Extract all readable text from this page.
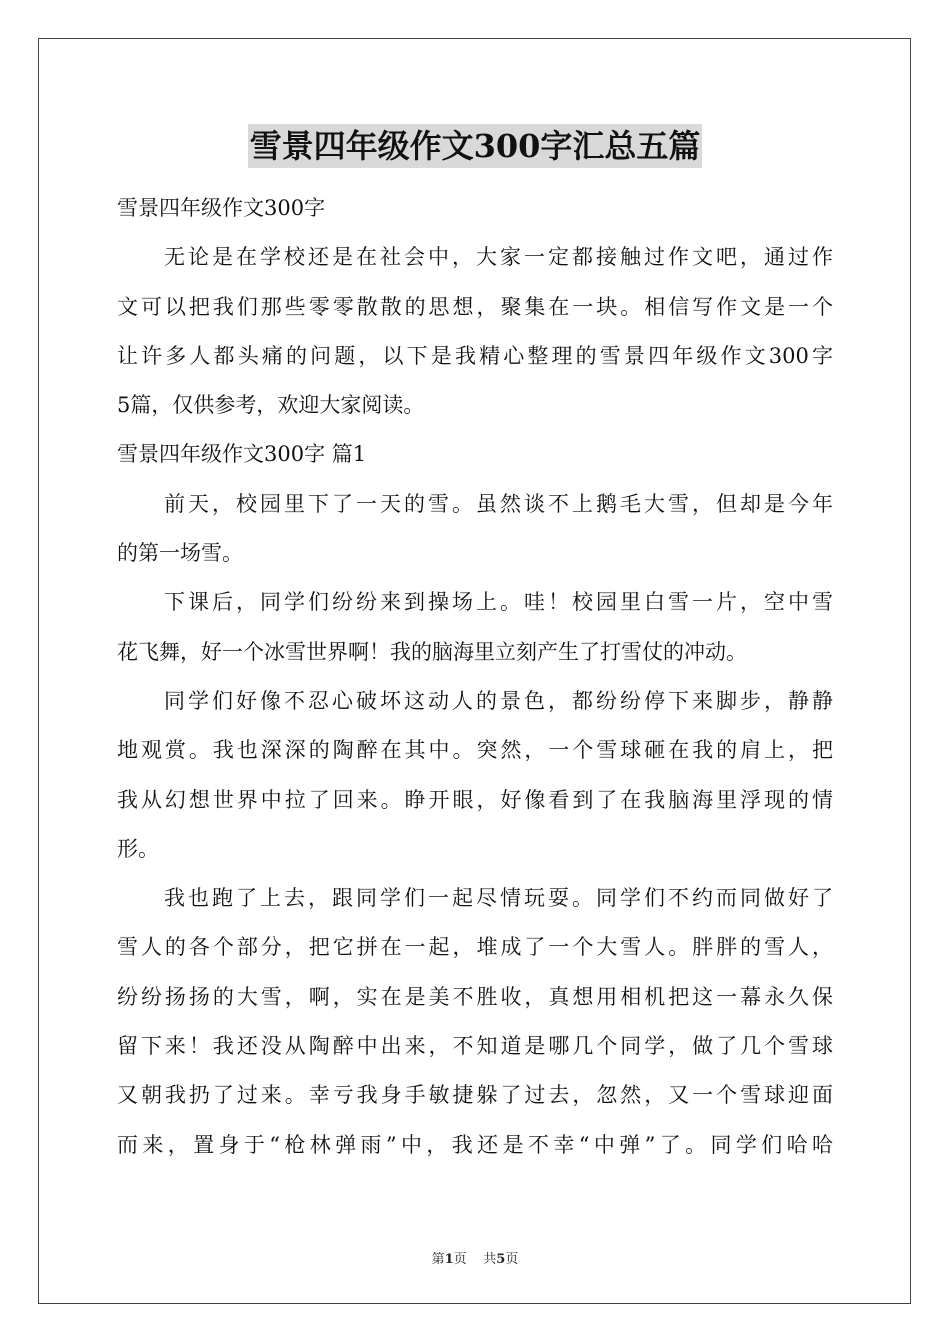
雪景四年级作文300字汇总五篇
雪景四年级作文300字
无论是在学校还是在社会中，大家一定都接触过作文吧，通过作
文可以把我们那些零零散散的思想，聚集在一块。相信写作文是一个
让许多人都头痛的问题，以下是我精心整理的雪景四年级作文300字
5篇，仅供参考，欢迎大家阅读。
雪景四年级作文300字 篇1
前天，校园里下了一天的雪。虽然谈不上鹅毛大雪，但却是今年
的第一场雪。
下课后，同学们纷纷来到操场上。哇！校园里白雪一片，空中雪
花飞舞，好一个冰雪世界啊！我的脑海里立刻产生了打雪仗的冲动。
同学们好像不忍心破坏这动人的景色，都纷纷停下来脚步，静静
地观赏。我也深深的陶醉在其中。突然，一个雪球砸在我的肩上，把
我从幻想世界中拉了回来。睁开眼，好像看到了在我脑海里浮现的情
形。
我也跑了上去，跟同学们一起尽情玩耍。同学们不约而同做好了
雪人的各个部分，把它拼在一起，堆成了一个大雪人。胖胖的雪人，
纷纷扬扬的大雪，啊，实在是美不胜收，真想用相机把这一幕永久保
留下来！我还没从陶醉中出来，不知道是哪几个同学，做了几个雪球
又朝我扔了过来。幸亏我身手敏捷躲了过去，忽然，又一个雪球迎面
而来，置身于“枪林弹雨”中，我还是不幸“中弹”了。同学们哈哈
第1页 共5页
